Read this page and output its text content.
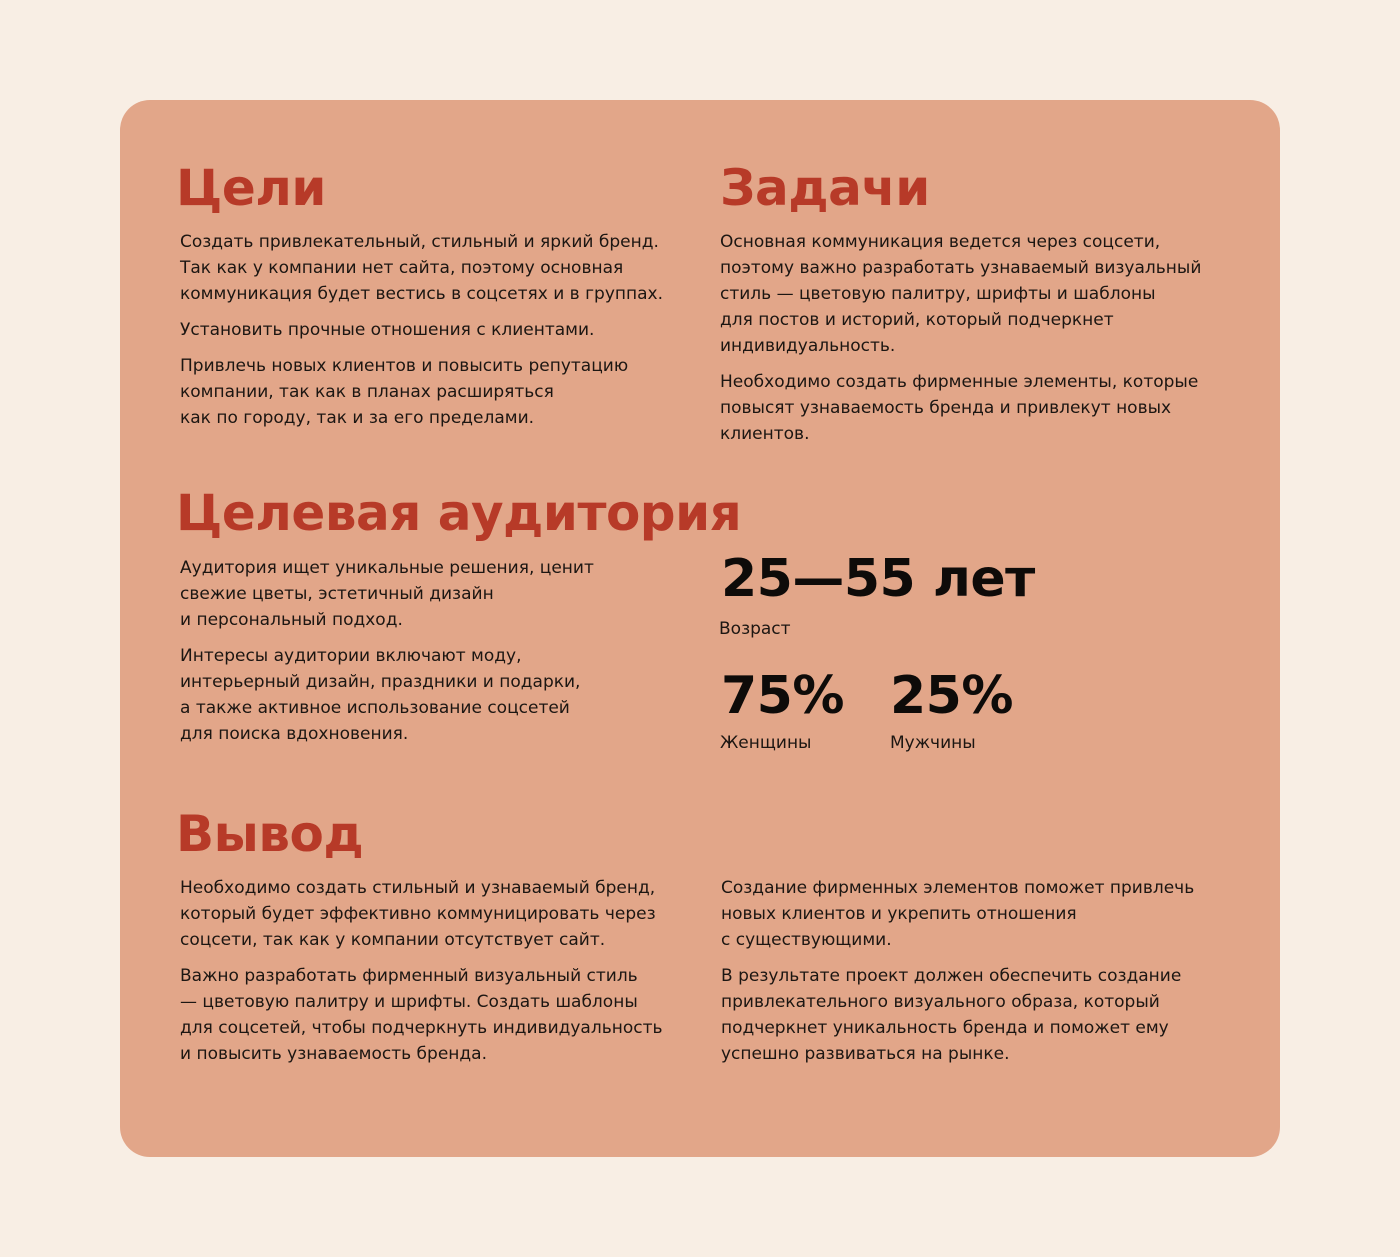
Цели

Создать привлекательный, стильный и яркий бренд.
Так как у компании нет сайта, поэтому основная
коммуникация будет вестись в соцсетях и в группах.

Установить прочные отношения с клиентами.

Привлечь новых клиентов и повысить репутацию
компании, так как в планах расширяться
как по городу, так и за его пределами.

Задачи

Основная коммуникация ведется через соцсети,
поэтому важно разработать узнаваемый визуальный
стиль — цветовую палитру, шрифты и шаблоны
для постов и историй, который подчеркнет
индивидуальность.

Необходимо создать фирменные элементы, которые
повысят узнаваемость бренда и привлекут новых
клиентов.

Целевая аудитория

Аудитория ищет уникальные решения, ценит
свежие цветы, эстетичный дизайн
и персональный подход.

Интересы аудитории включают моду,
интерьерный дизайн, праздники и подарки,
а также активное использование соцсетей
для поиска вдохновения.

25—55 лет
Возраст
75%
Женщины
25%
Мужчины
Вывод

Необходимо создать стильный и узнаваемый бренд,
который будет эффективно коммуницировать через
соцсети, так как у компании отсутствует сайт.

Важно разработать фирменный визуальный стиль
— цветовую палитру и шрифты. Создать шаблоны
для соцсетей, чтобы подчеркнуть индивидуальность
и повысить узнаваемость бренда.

Создание фирменных элементов поможет привлечь
новых клиентов и укрепить отношения
с существующими.

В результате проект должен обеспечить создание
привлекательного визуального образа, который
подчеркнет уникальность бренда и поможет ему
успешно развиваться на рынке.
